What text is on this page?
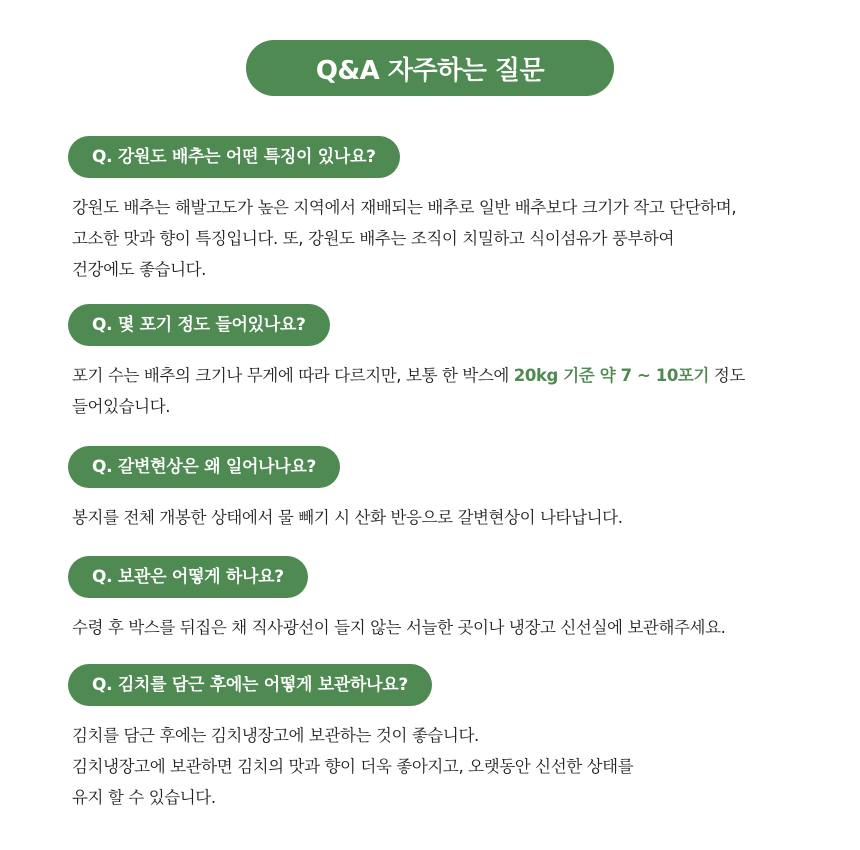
Q&A 자주하는 질문
Q. 강원도 배추는 어떤 특징이 있나요?
강원도 배추는 해발고도가 높은 지역에서 재배되는 배추로 일반 배추보다 크기가 작고 단단하며,
고소한 맛과 향이 특징입니다. 또, 강원도 배추는 조직이 치밀하고 식이섬유가 풍부하여
건강에도 좋습니다.
Q. 몇 포기 정도 들어있나요?
포기 수는 배추의 크기나 무게에 따라 다르지만, 보통 한 박스에 20kg 기준 약 7 ~ 10포기 정도
들어있습니다.
Q. 갈변현상은 왜 일어나나요?
봉지를 전체 개봉한 상태에서 물 빼기 시 산화 반응으로 갈변현상이 나타납니다.
Q. 보관은 어떻게 하나요?
수령 후 박스를 뒤집은 채 직사광선이 들지 않는 서늘한 곳이나 냉장고 신선실에 보관해주세요.
Q. 김치를 담근 후에는 어떻게 보관하나요?
김치를 담근 후에는 김치냉장고에 보관하는 것이 좋습니다.
김치냉장고에 보관하면 김치의 맛과 향이 더욱 좋아지고, 오랫동안 신선한 상태를
유지 할 수 있습니다.
